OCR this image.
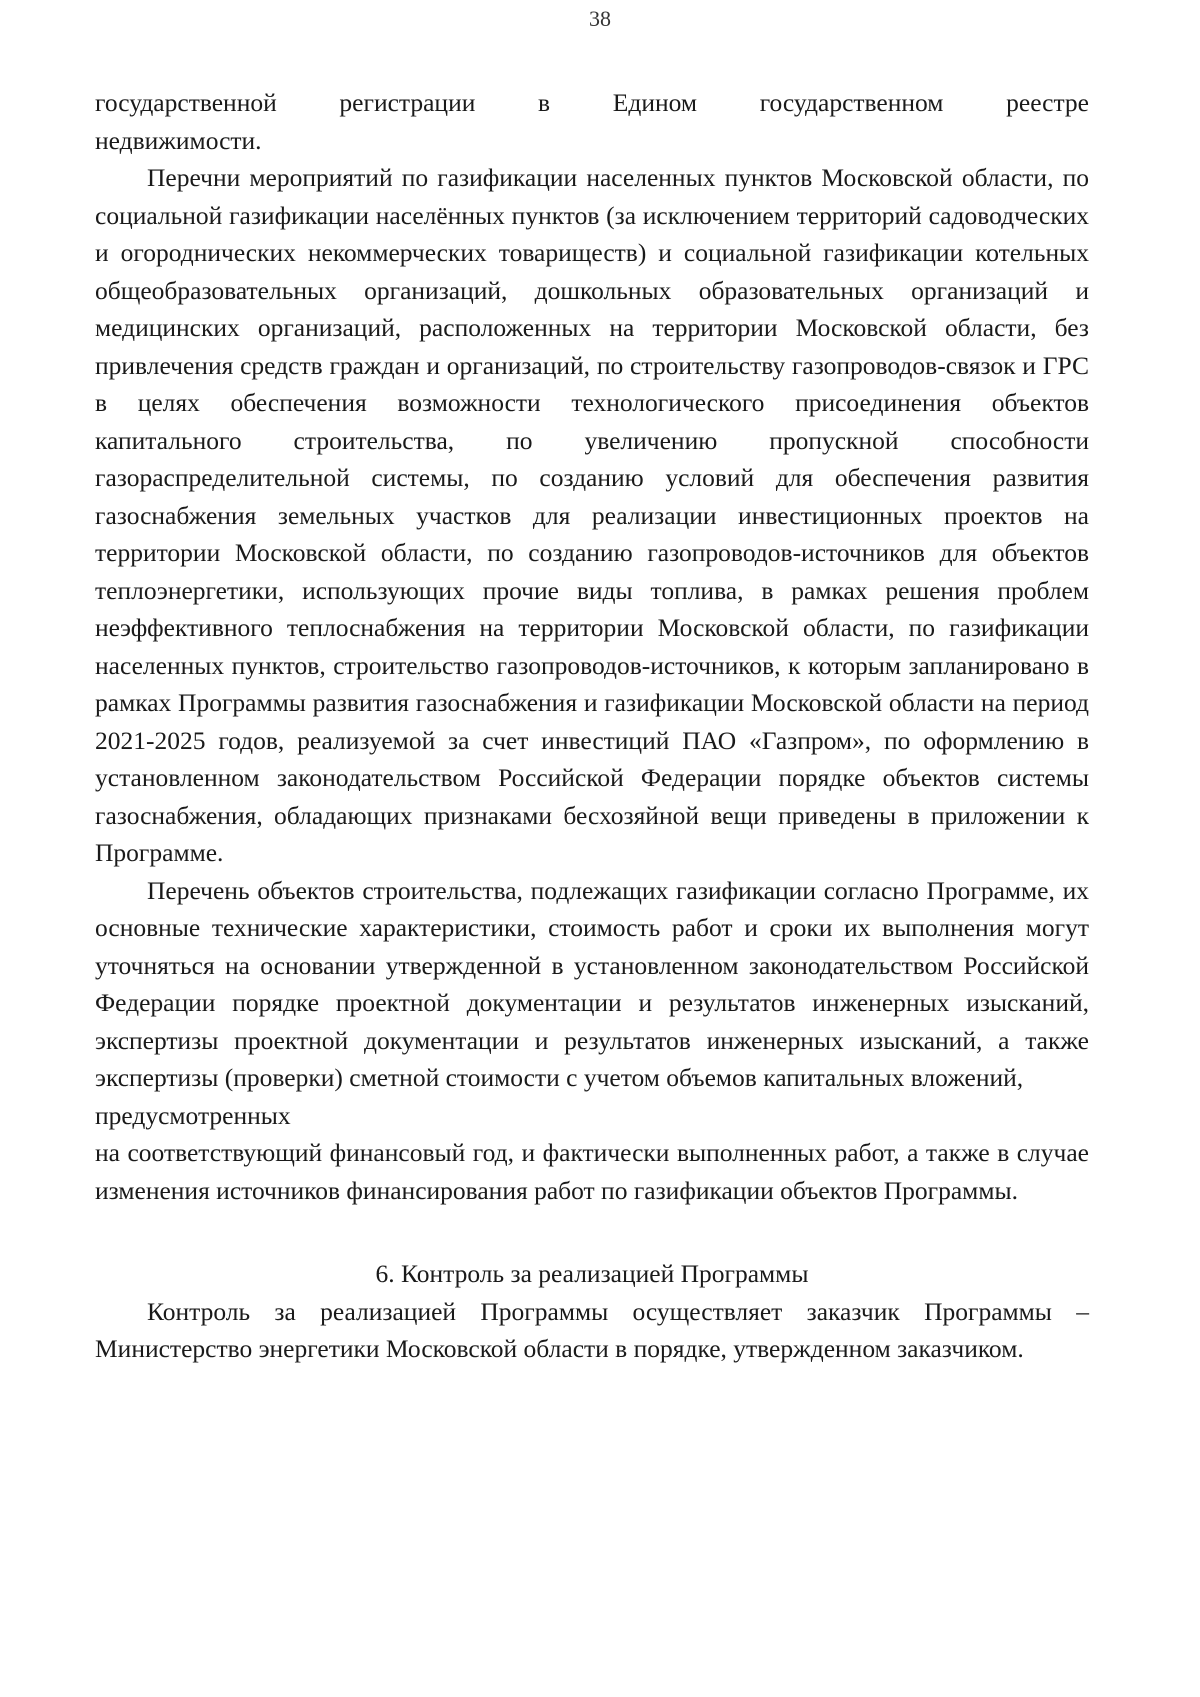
38

государственной регистрации в Едином государственном реестре
недвижимости.

Перечни мероприятий по газификации населенных пунктов Московской области, по социальной газификации населённых пунктов (за исключением территорий садоводческих и огороднических некоммерческих товариществ) и социальной газификации котельных общеобразовательных организаций, дошкольных образовательных организаций и медицинских организаций, расположенных на территории Московской области, без привлечения средств граждан и организаций, по строительству газопроводов-связок и ГРС в целях обеспечения возможности технологического присоединения объектов капитального строительства, по увеличению пропускной способности газораспределительной системы, по созданию условий для обеспечения развития газоснабжения земельных участков для реализации инвестиционных проектов на территории Московской области, по созданию газопроводов-источников для объектов теплоэнергетики, использующих прочие виды топлива, в рамках решения проблем неэффективного теплоснабжения на территории Московской области, по газификации населенных пунктов, строительство газопроводов-источников, к которым запланировано в рамках Программы развития газоснабжения и газификации Московской области на период 2021-2025 годов, реализуемой за счет инвестиций ПАО «Газпром», по оформлению в установленном законодательством Российской Федерации порядке объектов системы газоснабжения, обладающих признаками бесхозяйной вещи приведены в приложении к Программе.

Перечень объектов строительства, подлежащих газификации согласно Программе, их основные технические характеристики, стоимость работ и сроки их выполнения могут уточняться на основании утвержденной в установленном законодательством Российской Федерации порядке проектной документации и результатов инженерных изысканий, экспертизы проектной документации и результатов инженерных изысканий, а также экспертизы (проверки) сметной стоимости с учетом объемов капитальных вложений,

предусмотренных

на соответствующий финансовый год, и фактически выполненных работ, а также в случае изменения источников финансирования работ по газификации объектов Программы.

6. Контроль за реализацией Программы

Контроль за реализацией Программы осуществляет заказчик Программы – Министерство энергетики Московской области в порядке, утвержденном заказчиком.
